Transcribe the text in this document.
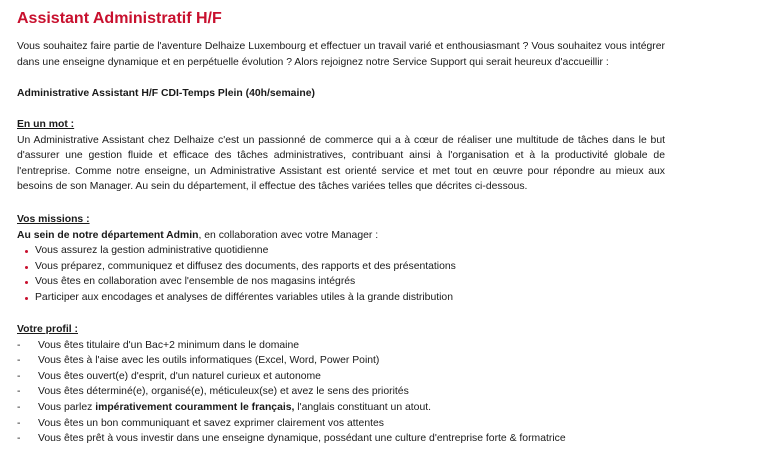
Assistant Administratif H/F

Vous souhaitez faire partie de l'aventure Delhaize Luxembourg et effectuer un travail varié et enthousiasmant ? Vous souhaitez vous intégrer dans une enseigne dynamique et en perpétuelle évolution ? Alors rejoignez notre Service Support qui serait heureux d'accueillir :

Administrative Assistant H/F CDI-Temps Plein (40h/semaine)

En un mot :

Un Administrative Assistant chez Delhaize c'est un passionné de commerce qui a à cœur de réaliser une multitude de tâches dans le but d'assurer une gestion fluide et efficace des tâches administratives, contribuant ainsi à l'organisation et à la productivité globale de l'entreprise. Comme notre enseigne, un Administrative Assistant est orienté service et met tout en œuvre pour répondre au mieux aux besoins de son Manager. Au sein du département, il effectue des tâches variées telles que décrites ci-dessous.

Vos missions :

Au sein de notre département Admin, en collaboration avec votre Manager :

Vous assurez la gestion administrative quotidienne
Vous préparez, communiquez et diffusez des documents, des rapports et des présentations
Vous êtes en collaboration avec l'ensemble de nos magasins intégrés
Participer aux encodages et analyses de différentes variables utiles à la grande distribution

Votre profil :

- Vous êtes titulaire d'un Bac+2 minimum dans le domaine
- Vous êtes à l'aise avec les outils informatiques (Excel, Word, Power Point)
- Vous êtes ouvert(e) d'esprit, d'un naturel curieux et autonome
- Vous êtes déterminé(e), organisé(e), méticuleux(se) et avez le sens des priorités
- Vous parlez impérativement couramment le français, l'anglais constituant un atout.
- Vous êtes un bon communiquant et savez exprimer clairement vos attentes
- Vous êtes prêt à vous investir dans une enseigne dynamique, possédant une culture d'entreprise forte & formatrice
